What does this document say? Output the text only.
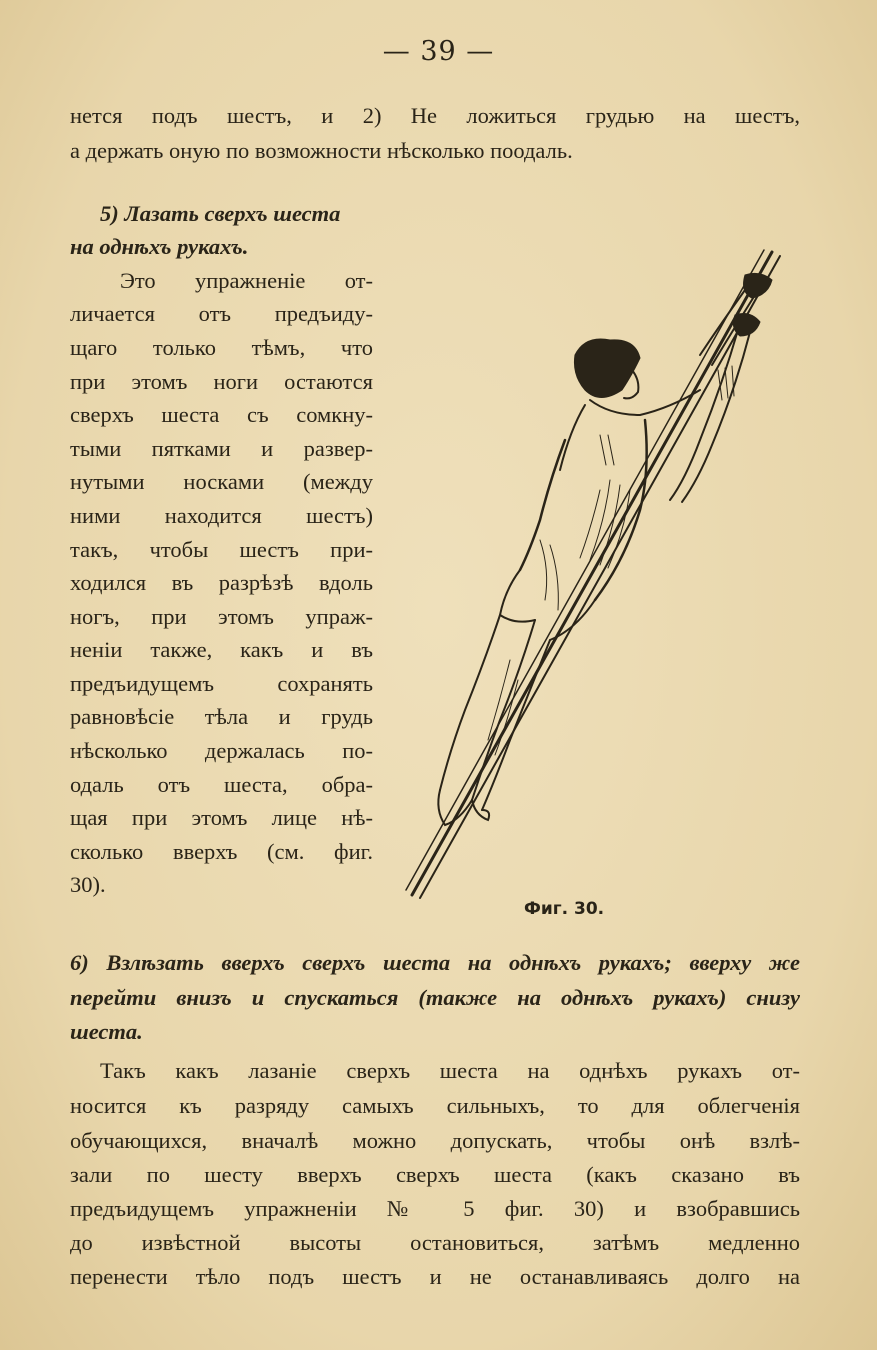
— 39 —
нется подъ шестъ, и 2) Не ложиться грудью на шестъ,
а держать оную по возможности нѣсколько поодаль.
5) Лазать сверхъ шеста
на однѣхъ рукахъ.
Это упражненіе от-
личается отъ предъиду-
щаго только тѣмъ, что
при этомъ ноги остаются
сверхъ шеста съ сомкну-
тыми пятками и развер-
нутыми носками (между
ними находится шестъ)
такъ, чтобы шестъ при-
ходился въ разрѣзѣ вдоль
ногъ, при этомъ упраж-
неніи также, какъ и въ
предъидущемъ сохранять
равновѣсіе тѣла и грудь
нѣсколько держалась по-
одаль отъ шеста, обра-
щая при этомъ лице нѣ-
сколько вверхъ (см. фиг.
30).
Фиг. 30.
6) Взлѣзать вверхъ сверхъ шеста на однѣхъ рукахъ; вверху же
перейти внизъ и спускаться (также на однѣхъ рукахъ) снизу
шеста.
Такъ какъ лазаніе сверхъ шеста на однѣхъ рукахъ от-
носится къ разряду самыхъ сильныхъ, то для облегченія
обучающихся, вначалѣ можно допускать, чтобы онѣ взлѣ-
зали по шесту вверхъ сверхъ шеста (какъ сказано въ
предъидущемъ упражненіи № 5 фиг. 30) и взобравшись
до извѣстной высоты остановиться, затѣмъ медленно
перенести тѣло подъ шестъ и не останавливаясь долго на
